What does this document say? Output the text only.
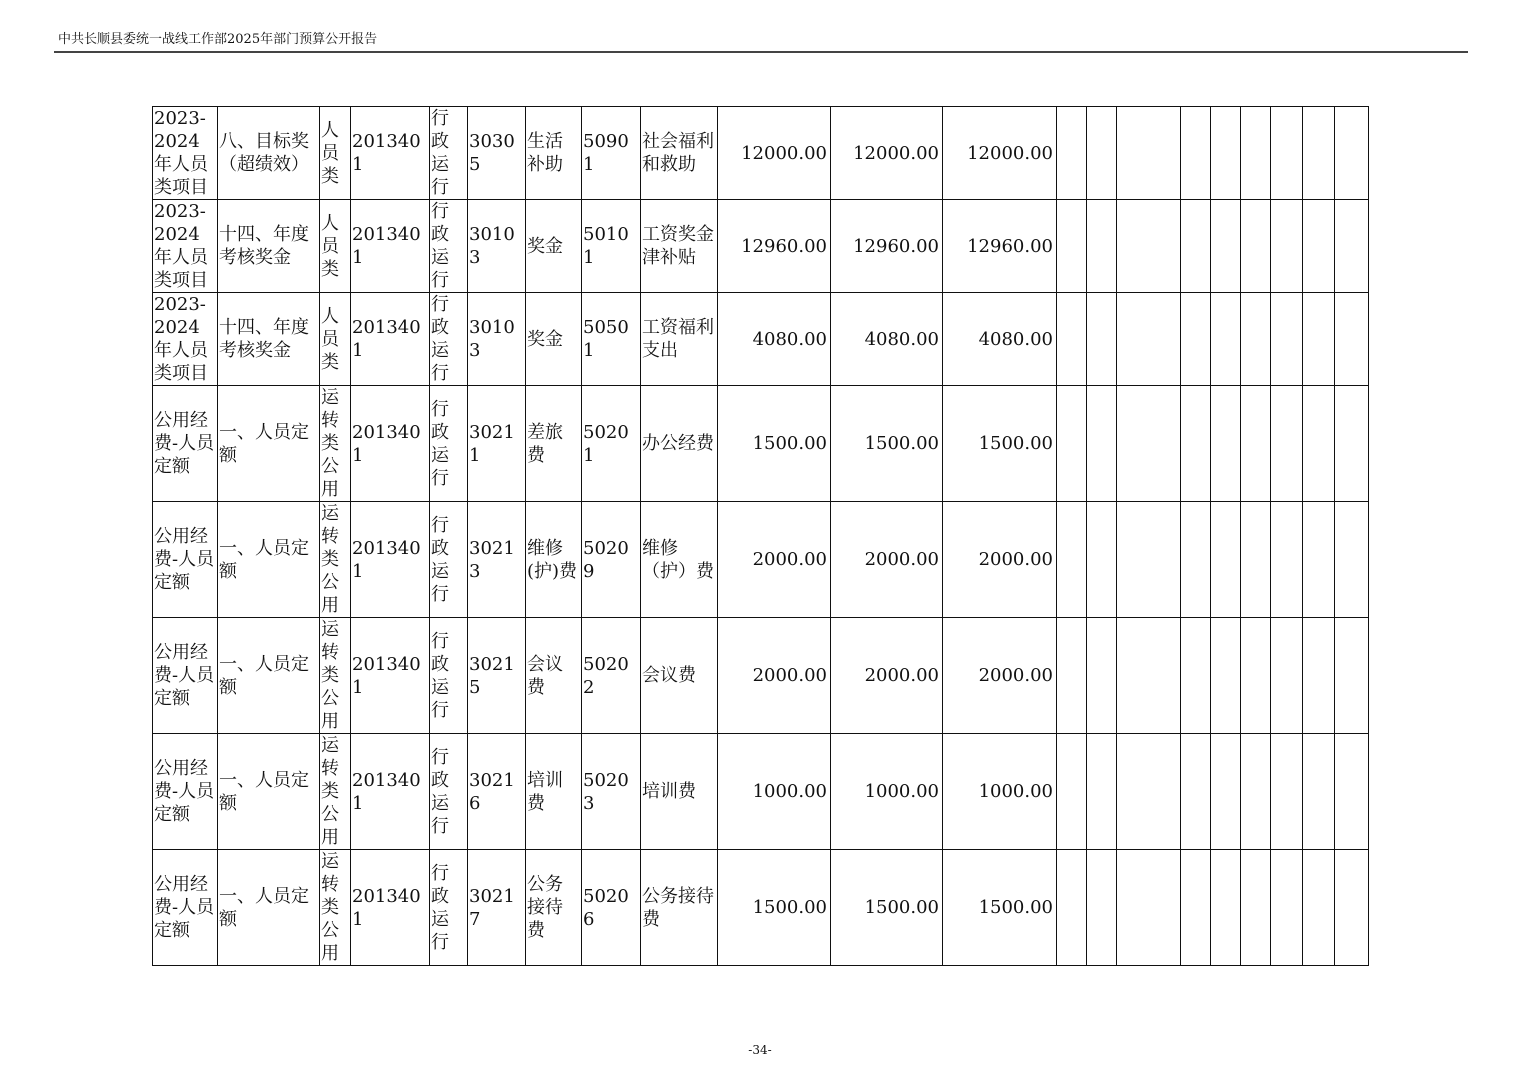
中共长顺县委统一战线工作部2025年部门预算公开报告
2023-2024年人员类项目	八、目标奖（超绩效）	人员类	2013401	行政运行	30305	生活补助	50901	社会福利和救助	12000.00	12000.00	12000.00									
2023-2024年人员类项目	十四、年度考核奖金	人员类	2013401	行政运行	30103	奖金	50101	工资奖金津补贴	12960.00	12960.00	12960.00									
2023-2024年人员类项目	十四、年度考核奖金	人员类	2013401	行政运行	30103	奖金	50501	工资福利支出	4080.00	4080.00	4080.00									
公用经费-人员定额	一、人员定额	运转类公用	2013401	行政运行	30211	差旅费	50201	办公经费	1500.00	1500.00	1500.00									
公用经费-人员定额	一、人员定额	运转类公用	2013401	行政运行	30213	维修(护)费	50209	维修（护）费	2000.00	2000.00	2000.00									
公用经费-人员定额	一、人员定额	运转类公用	2013401	行政运行	30215	会议费	50202	会议费	2000.00	2000.00	2000.00									
公用经费-人员定额	一、人员定额	运转类公用	2013401	行政运行	30216	培训费	50203	培训费	1000.00	1000.00	1000.00									
公用经费-人员定额	一、人员定额	运转类公用	2013401	行政运行	30217	公务接待费	50206	公务接待费	1500.00	1500.00	1500.00									
-34-
